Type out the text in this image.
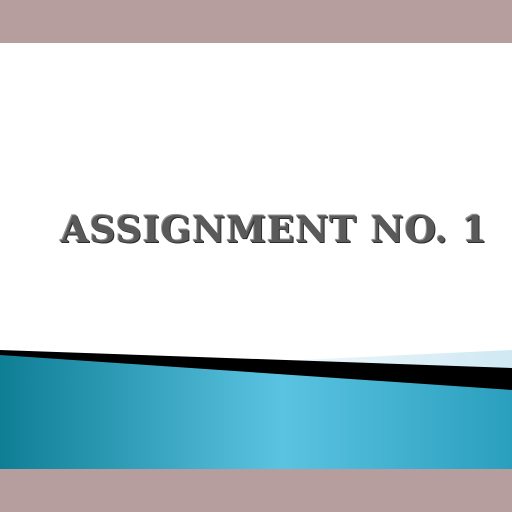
ASSIGNMENT NO. 1
